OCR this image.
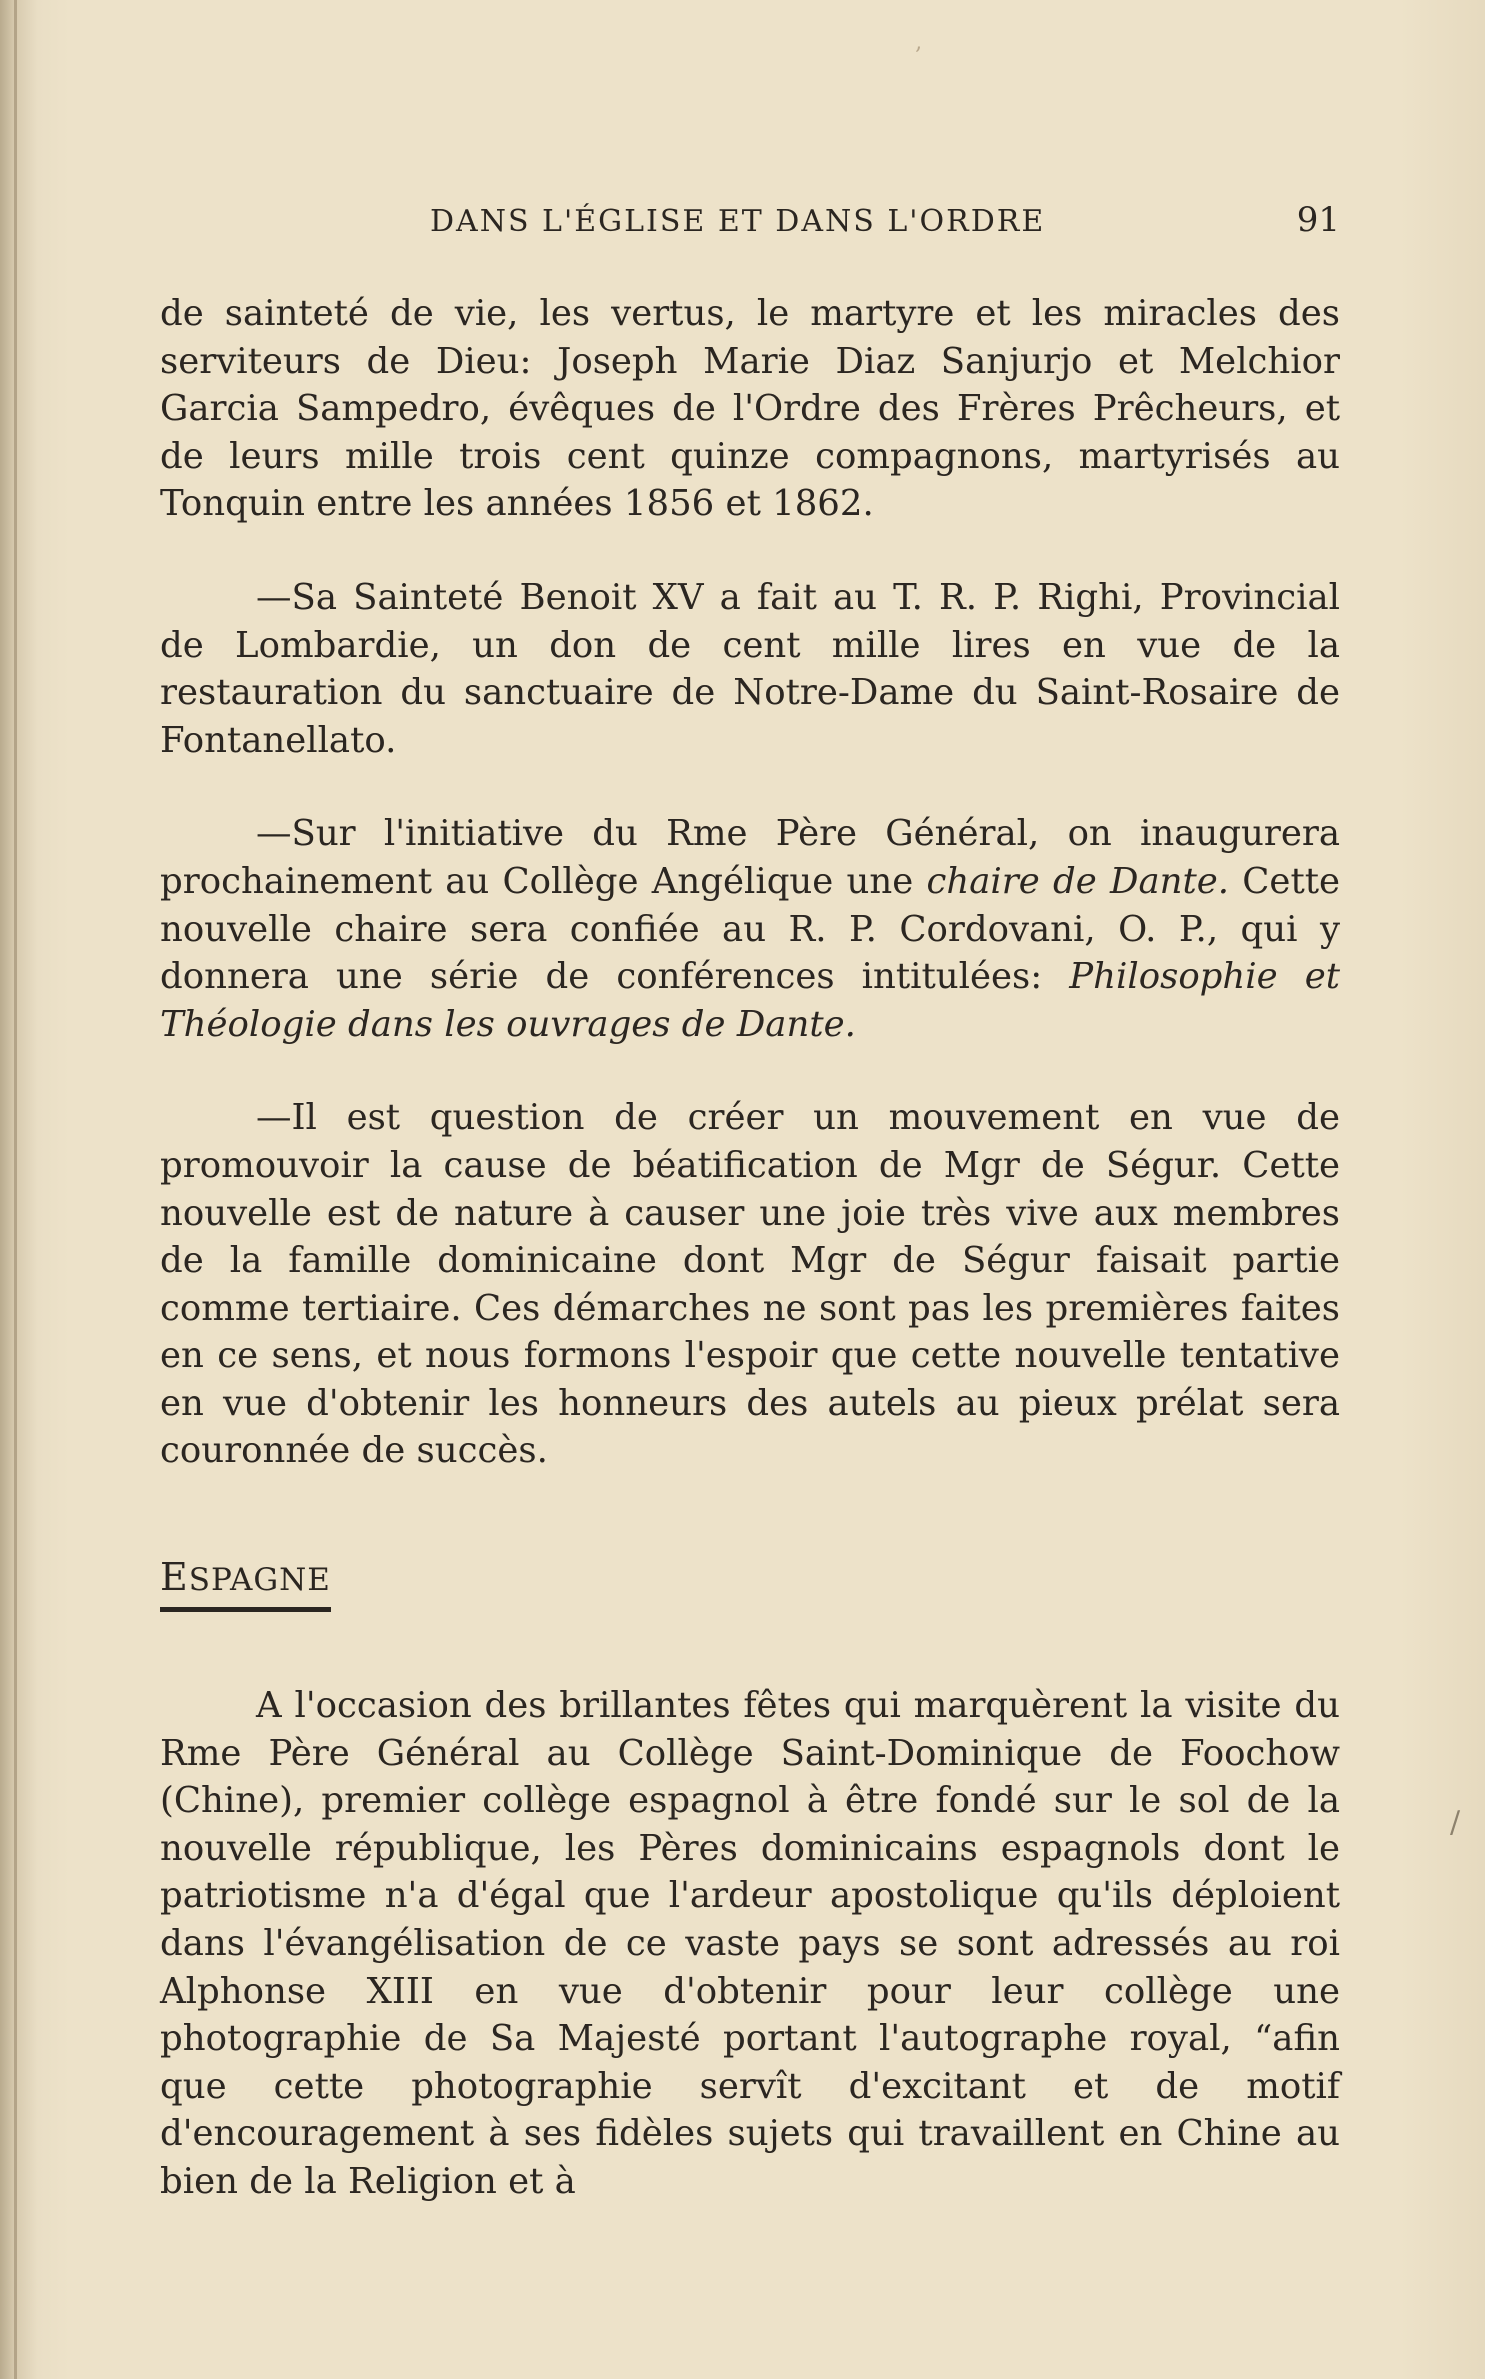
‚
DANS L'ÉGLISE ET DANS L'ORDRE	91

de sainteté de vie, les vertus, le martyre et les miracles des serviteurs de Dieu: Joseph Marie Diaz Sanjurjo et Melchior Garcia Sampedro, évêques de l'Ordre des Frères Prêcheurs, et de leurs mille trois cent quinze compagnons, martyrisés au Tonquin entre les années 1856 et 1862.

—Sa Sainteté Benoit XV a fait au T. R. P. Righi, Provincial de Lombardie, un don de cent mille lires en vue de la restauration du sanctuaire de Notre-Dame du Saint-Rosaire de Fontanellato.

—Sur l'initiative du Rme Père Général, on inaugurera prochainement au Collège Angélique une chaire de Dante. Cette nouvelle chaire sera confiée au R. P. Cordovani, O. P., qui y donnera une série de conférences intitulées: Philosophie et Théologie dans les ouvrages de Dante.

—Il est question de créer un mouvement en vue de promouvoir la cause de béatification de Mgr de Ségur. Cette nouvelle est de nature à causer une joie très vive aux membres de la famille dominicaine dont Mgr de Ségur faisait partie comme tertiaire. Ces démarches ne sont pas les premières faites en ce sens, et nous formons l'espoir que cette nouvelle tentative en vue d'obtenir les honneurs des autels au pieux prélat sera couronnée de succès.

ESPAGNE

A l'occasion des brillantes fêtes qui marquèrent la visite du Rme Père Général au Collège Saint-Dominique de Foochow (Chine), premier collège espagnol à être fondé sur le sol de la nouvelle république, les Pères dominicains espagnols dont le patriotisme n'a d'égal que l'ardeur apostolique qu'ils déploient dans l'évangélisation de ce vaste pays se sont adressés au roi Alphonse XIII en vue d'obtenir pour leur collège une photographie de Sa Majesté portant l'autographe royal, “afin que cette photographie servît d'excitant et de motif d'encouragement à ses fidèles sujets qui travaillent en Chine au bien de la Religion et à

/
